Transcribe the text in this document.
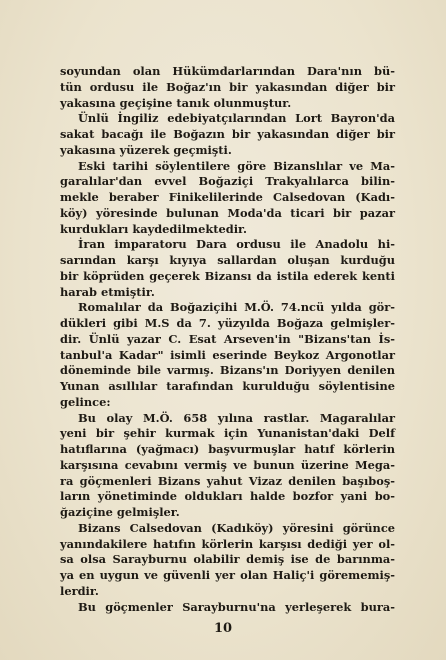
soyundan olan Hükümdarlarından Dara'nın bü-
tün ordusu ile Boğaz'ın bir yakasından diğer bir
yakasına geçişine tanık olunmuştur.
Ünlü İngiliz edebiyatçılarından Lort Bayron'da
sakat bacağı ile Boğazın bir yakasından diğer bir
yakasına yüzerek geçmişti.
Eski tarihi söylentilere göre Bizanslılar ve Ma-
garalılar'dan evvel Boğaziçi Trakyalılarca bilin-
mekle beraber Finikelilerinde Calsedovan (Kadı-
köy) yöresinde bulunan Moda'da ticari bir pazar
kurdukları kaydedilmektedir.
İran imparatoru Dara ordusu ile Anadolu hi-
sarından karşı kıyıya sallardan oluşan kurduğu
bir köprüden geçerek Bizansı da istila ederek kenti
harab etmiştir.
Romalılar da Boğaziçihi M.Ö. 74.ncü yılda gör-
dükleri gibi M.S da 7. yüzyılda Boğaza gelmişler-
dir. Ünlü yazar C. Esat Arseven'in "Bizans'tan İs-
tanbul'a Kadar" isimli eserinde Beykoz Argonotlar
döneminde bile varmış. Bizans'ın Doriyyen denilen
Yunan asıllılar tarafından kurulduğu söylentisine
gelince:
Bu olay M.Ö. 658 yılına rastlar. Magaralılar
yeni bir şehir kurmak için Yunanistan'daki Delf
hatıflarına (yağmacı) başvurmuşlar hatıf körlerin
karşısına cevabını vermiş ve bunun üzerine Mega-
ra göçmenleri Bizans yahut Vizaz denilen başıboş-
ların yönetiminde oldukları halde bozfor yani bo-
ğaziçine gelmişler.
Bizans Calsedovan (Kadıköy) yöresini görünce
yanındakilere hatıfın körlerin karşısı dediği yer ol-
sa olsa Sarayburnu olabilir demiş ise de barınma-
ya en uygun ve güvenli yer olan Haliç'i görememiş-
lerdir.
Bu göçmenler Sarayburnu'na yerleşerek bura-
10
